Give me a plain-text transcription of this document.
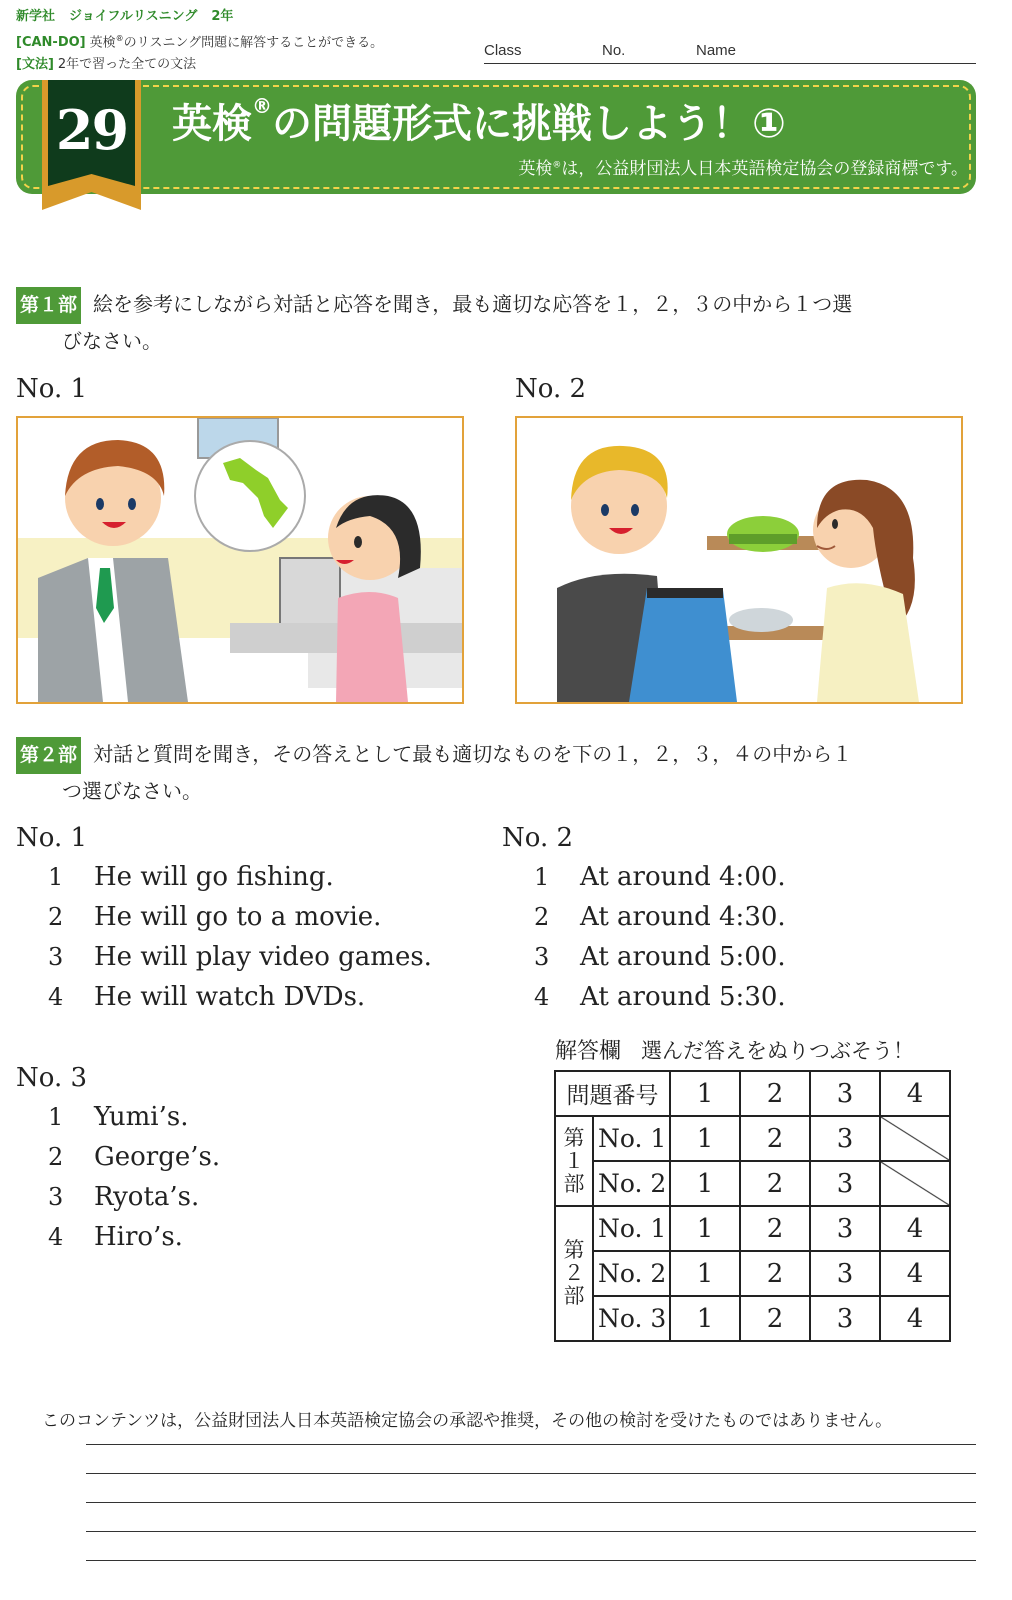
新学社 ジョイフルリスニング 2年
[CAN-DO] 英検®のリスニング問題に解答することができる。
[文法] 2年で習った全ての文法
Class	No.	Name
29	英検®の問題形式に挑戦しよう！①
英検®は，公益財団法人日本英語検定協会の登録商標です。
第１部 絵を参考にしながら対話と応答を聞き，最も適切な応答を１，２，３の中から１つ選
びなさい。
No. 1	No. 2
第２部 対話と質問を聞き，その答えとして最も適切なものを下の１，２，３，４の中から１
つ選びなさい。
No. 1
1 He will go fishing.
2 He will go to a movie.
3 He will play video games.
4 He will watch DVDs.
No. 2
1 At around 4:00.
2 At around 4:30.
3 At around 5:00.
4 At around 5:30.
No. 3
1 Yumi’s.
2 George’s.
3 Ryota’s.
4 Hiro’s.
解答欄 選んだ答えをぬりつぶそう！
問題番号		1	2	3	4
第１部	No. 1	1	2	3	
	No. 2	1	2	3	
第２部	No. 1	1	2	3	4
	No. 2	1	2	3	4
	No. 3	1	2	3	4
このコンテンツは，公益財団法人日本英語検定協会の承認や推奨，その他の検討を受けたものではありません。
